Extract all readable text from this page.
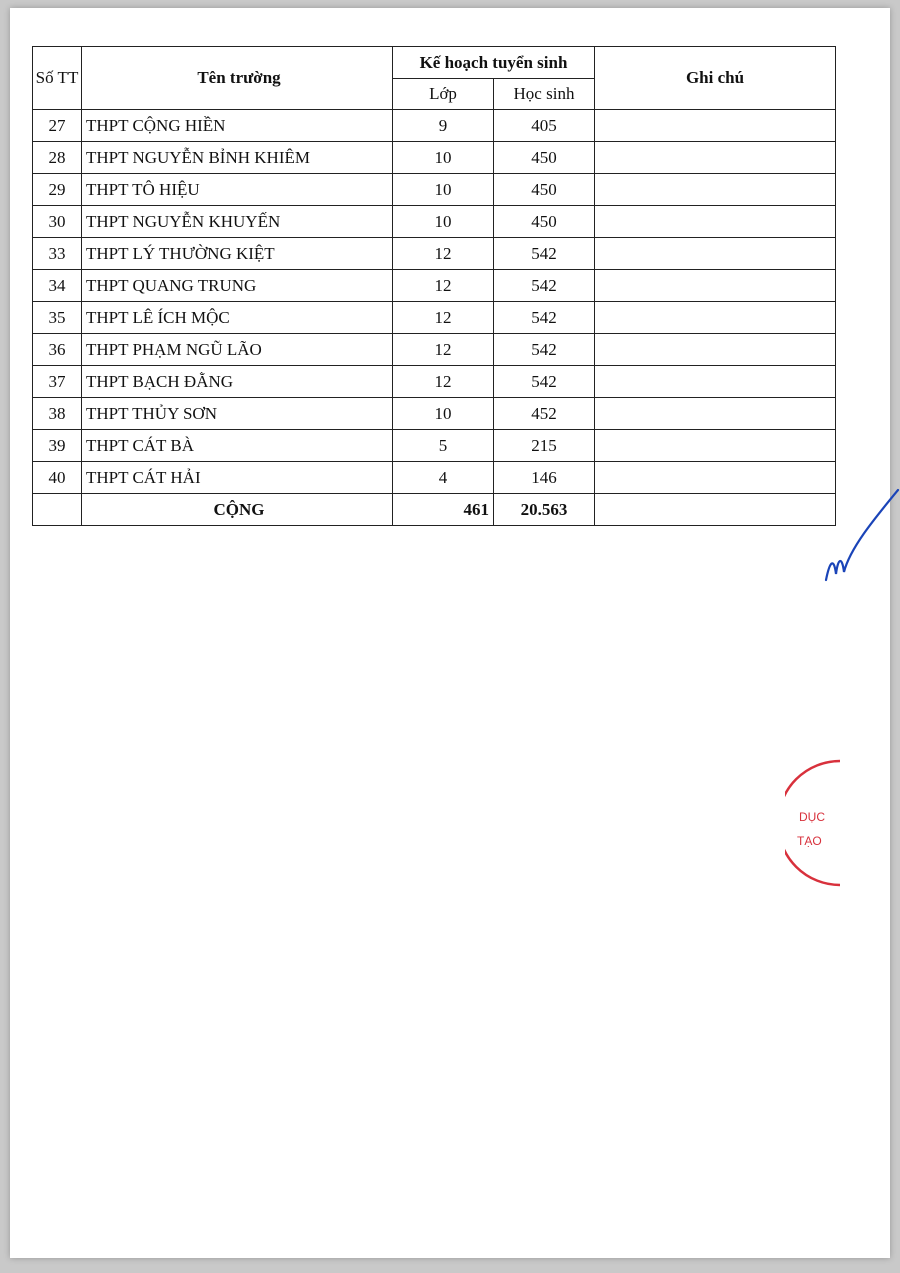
Số TT	Tên trường	Kế hoạch tuyển sinh		Ghi chú
		Lớp	Học sinh	
27	THPT CỘNG HIỀN	9	405	
28	THPT NGUYỄN BỈNH KHIÊM	10	450	
29	THPT TÔ HIỆU	10	450	
30	THPT NGUYỄN KHUYẾN	10	450	
33	THPT LÝ THƯỜNG KIỆT	12	542	
34	THPT QUANG TRUNG	12	542	
35	THPT LÊ ÍCH MỘC	12	542	
36	THPT PHẠM NGŨ LÃO	12	542	
37	THPT BẠCH ĐẰNG	12	542	
38	THPT THỦY SƠN	10	452	
39	THPT CÁT BÀ	5	215	
40	THPT CÁT HẢI	4	146	
	CỘNG	461	20.563	
DỤC
TẠO
